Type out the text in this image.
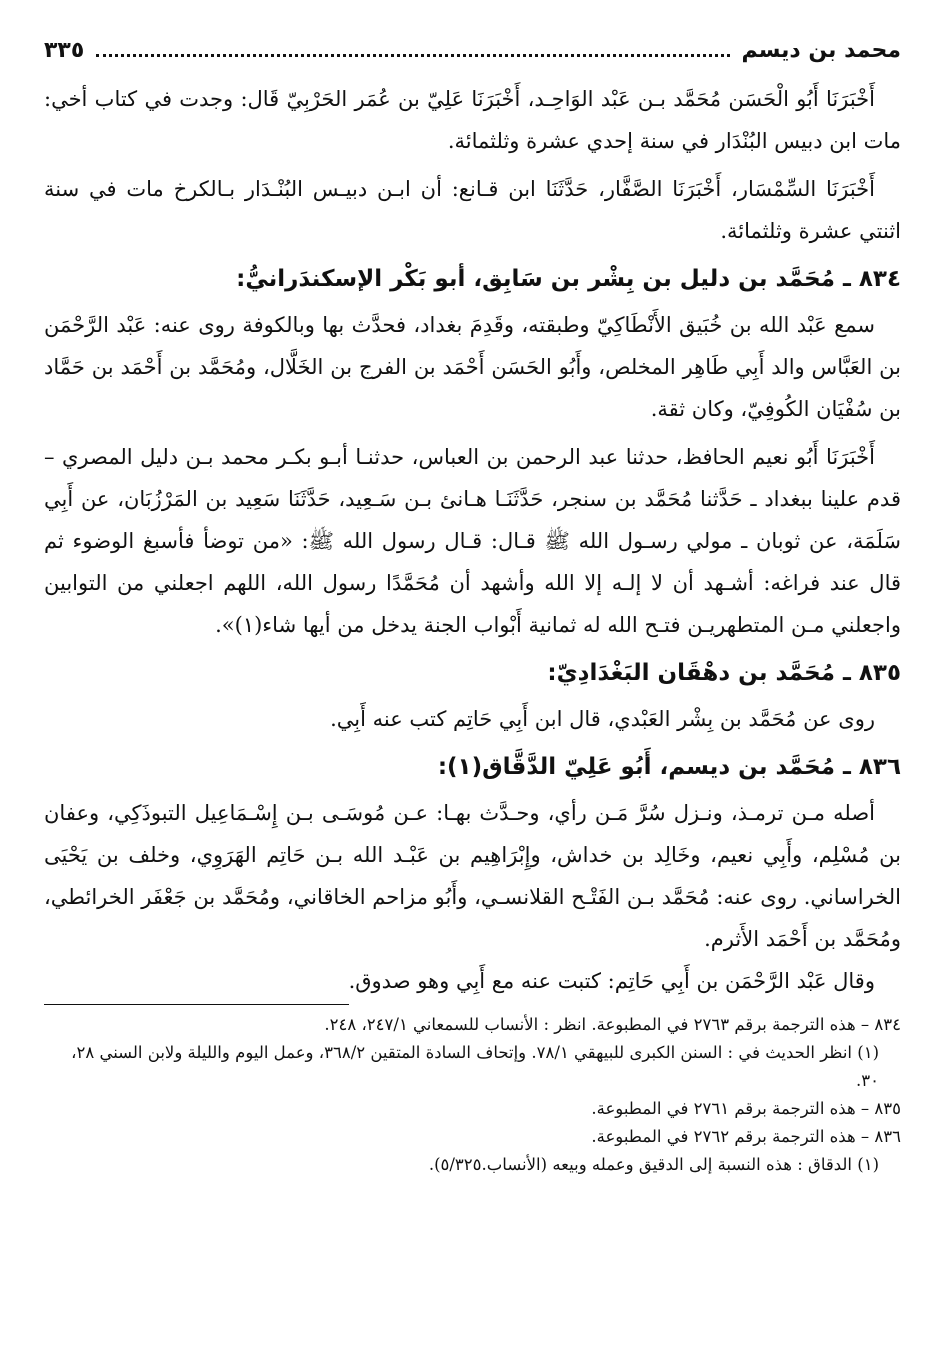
محمد بن ديسم
٣٣٥

أَخْبَرَنَا أَبُو الْحَسَن مُحَمَّد بـن عَبْد الوَاحِـد، أَخْبَرَنَا عَلِيّ بن عُمَر الحَرْبِيّ قَال: وجدت في كتاب أخي: مات ابن دبيس البُنْدَار في سنة إحدي عشرة وثلثمائة.

أَخْبَرَنَا السِّمْسَار، أَخْبَرَنَا الصَّفَّار، حَدَّثَنَا ابن قـانع: أن ابـن دبيـس البُنْـدَار بـالكرخ مات في سنة اثنتي عشرة وثلثمائة.

٨٣٤ ـ مُحَمَّد بن دليل بن بِشْر بن سَابِق، أبو بَكْر الإسكندَرانيُّ:

سمع عَبْد الله بن خُبَيق الأَنْطَاكِيّ وطبقته، وقَدِمَ بغداد، فحدَّث بها وبالكوفة روى عنه: عَبْد الرَّحْمَن بن العَبَّاس والد أَبِي طَاهِر المخلص، وأَبُو الحَسَن أَحْمَد بن الفرج بن الخَلَّال، ومُحَمَّد بن أَحْمَد بن حَمَّاد بن سُفْيَان الكُوفِيّ، وكان ثقة.

أَخْبَرَنَا أَبُو نعيم الحافظ، حدثنا عبد الرحمن بن العباس، حدثنـا أبـو بكـر محمد بـن دليل المصري – قدم علينا ببغداد ـ حَدَّثنا مُحَمَّد بن سنجر، حَدَّثَنَـا هـانئ بـن سَـعِيد، حَدَّثَنَا سَعِيد بن المَرْزُبَان، عن أَبِي سَلَمَة، عن ثوبان ـ مولي رسـول الله ﷺ قـال: قـال رسول الله ﷺ: «من توضأ فأسبغ الوضوء ثم قال عند فراغه: أشـهد أن لا إلـه إلا الله وأشهد أن مُحَمَّدًا رسول الله، اللهم اجعلني من التوابين واجعلني مـن المتطهريـن فتـح الله له ثمانية أَبْواب الجنة يدخل من أيها شاء(١)».

٨٣٥ ـ مُحَمَّد بن دهْقَان البَغْدَادِيّ:

روى عن مُحَمَّد بن بِشْر العَبْدي، قال ابن أَبِي حَاتِم كتب عنه أَبِي.

٨٣٦ ـ مُحَمَّد بن ديسم، أَبُو عَلِيّ الدَّقَّاق(١):

أصله مـن ترمـذ، ونـزل سُرَّ مَـن رأي، وحـدَّث بهـا: عـن مُوسَـى بـن إِسْـمَاعِيل التبوذَكِي، وعفان بن مُسْلِم، وأَبِي نعيم، وخَالِد بن خداش، وإِبْرَاهِيم بن عَبْـد الله بـن حَاتِم الهَرَوِي، وخلف بن يَحْيَى الخراساني. روى عنه: مُحَمَّد بـن الفَتْـح القلانسـي، وأَبُو مزاحم الخاقاني، ومُحَمَّد بن جَعْفَر الخرائطي، ومُحَمَّد بن أَحْمَد الأَثرم.

وقال عَبْد الرَّحْمَن بن أَبِي حَاتِم: كتبت عنه مع أَبِي وهو صدوق.

٨٣٤ – هذه الترجمة برقم ٢٧٦٣ في المطبوعة. انظر : الأنساب للسمعاني ٢٤٧/١، ٢٤٨.

(١) انظر الحديث في : السنن الكبرى للبيهقي ٧٨/١. وإتحاف السادة المتقين ٣٦٨/٢، وعمل اليوم والليلة ولابن السني ٢٨، ٣٠.

٨٣٥ – هذه الترجمة برقم ٢٧٦١ في المطبوعة.

٨٣٦ – هذه الترجمة برقم ٢٧٦٢ في المطبوعة.

(١) الدقاق : هذه النسبة إلى الدقيق وعمله وبيعه (الأنساب.٥/٣٢٥).
